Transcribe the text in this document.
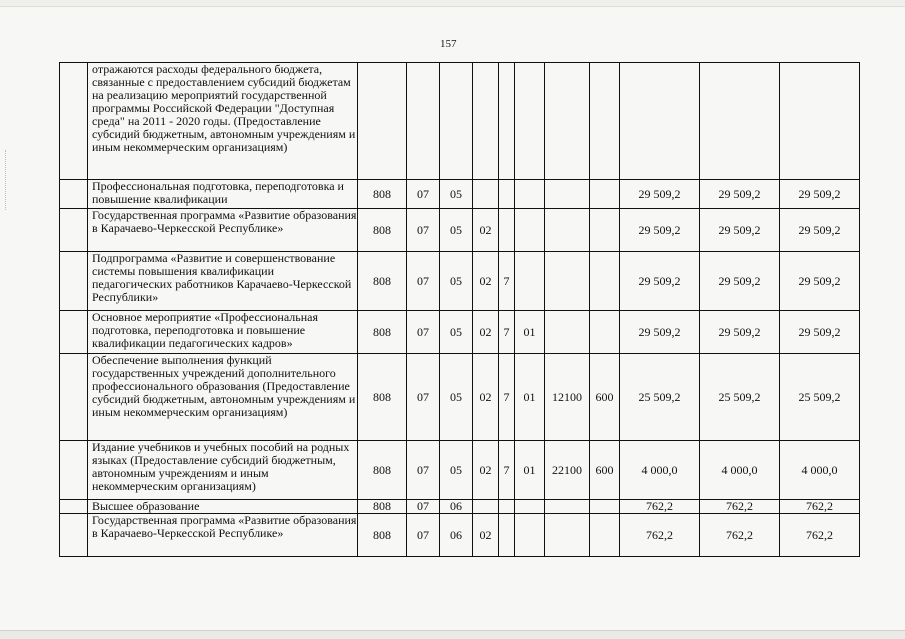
157
	отражаются расходы федерального бюджета, связанные с предоставлением субсидий бюджетам на реализацию мероприятий государственной программы Российской Федерации "Доступная среда" на 2011 - 2020 годы. (Предоставление субсидий бюджетным, автономным учреждениям и иным некоммерческим организациям)											
	Профессиональная подготовка, переподготовка и повышение квалификации	808	07	05						29 509,2	29 509,2	29 509,2
	Государственная программа «Развитие образования в Карачаево-Черкесской Республике»	808	07	05	02					29 509,2	29 509,2	29 509,2
	Подпрограмма «Развитие и совершенствование системы повышения квалификации педагогических работников Карачаево-Черкесской Республики»	808	07	05	02	7				29 509,2	29 509,2	29 509,2
	Основное мероприятие «Профессиональная подготовка, переподготовка и повышение квалификации педагогических кадров»	808	07	05	02	7	01			29 509,2	29 509,2	29 509,2
	Обеспечение выполнения функций государственных учреждений дополнительного профессионального образования (Предоставление субсидий бюджетным, автономным учреждениям и иным некоммерческим организациям)	808	07	05	02	7	01	12100	600	25 509,2	25 509,2	25 509,2
	Издание учебников и учебных пособий на родных языках (Предоставление субсидий бюджетным, автономным учреждениям и иным некоммерческим организациям)	808	07	05	02	7	01	22100	600	4 000,0	4 000,0	4 000,0
	Высшее образование	808	07	06						762,2	762,2	762,2
	Государственная программа «Развитие образования в Карачаево-Черкесской Республике»	808	07	06	02					762,2	762,2	762,2
